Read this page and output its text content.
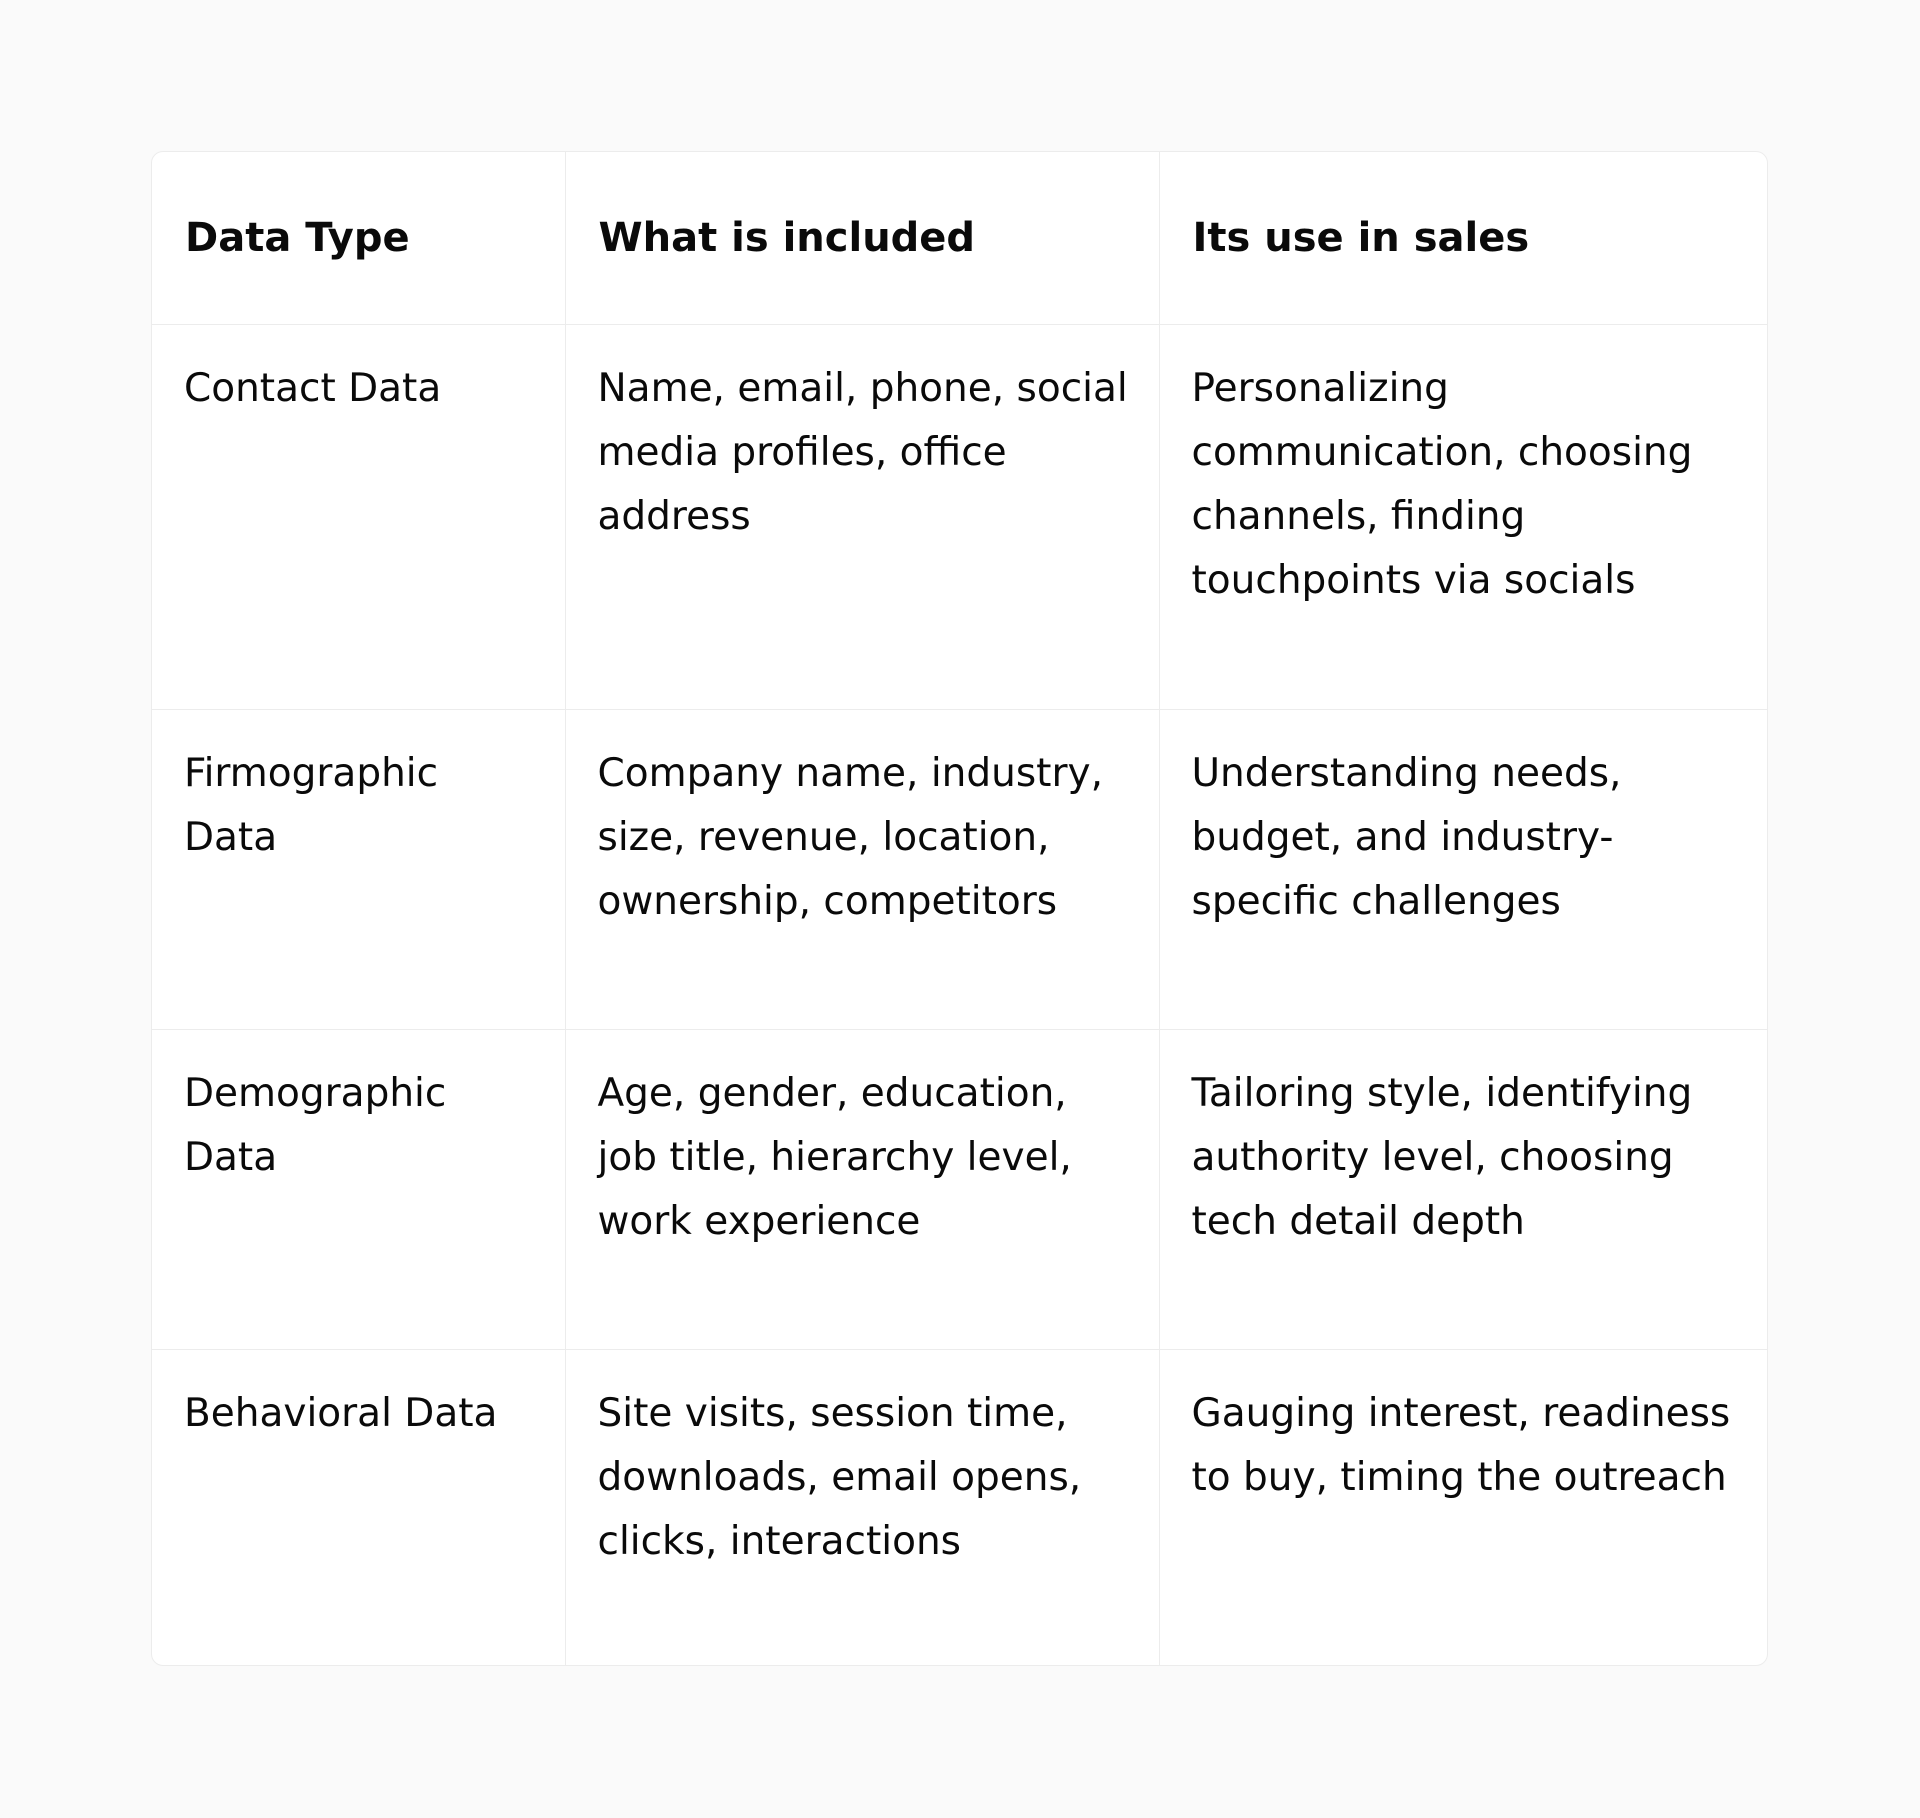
Data Type	What is included	Its use in sales
Contact Data	Name, email, phone, social media profiles, office address	Personalizing communication, choosing channels, finding touchpoints via socials
Firmographic Data	Company name, industry, size, revenue, location, ownership, competitors	Understanding needs, budget, and industry-specific challenges
Demographic Data	Age, gender, education, job title, hierarchy level, work experience	Tailoring style, identifying authority level, choosing tech detail depth
Behavioral Data	Site visits, session time, downloads, email opens, clicks, interactions	Gauging interest, readiness to buy, timing the outreach
